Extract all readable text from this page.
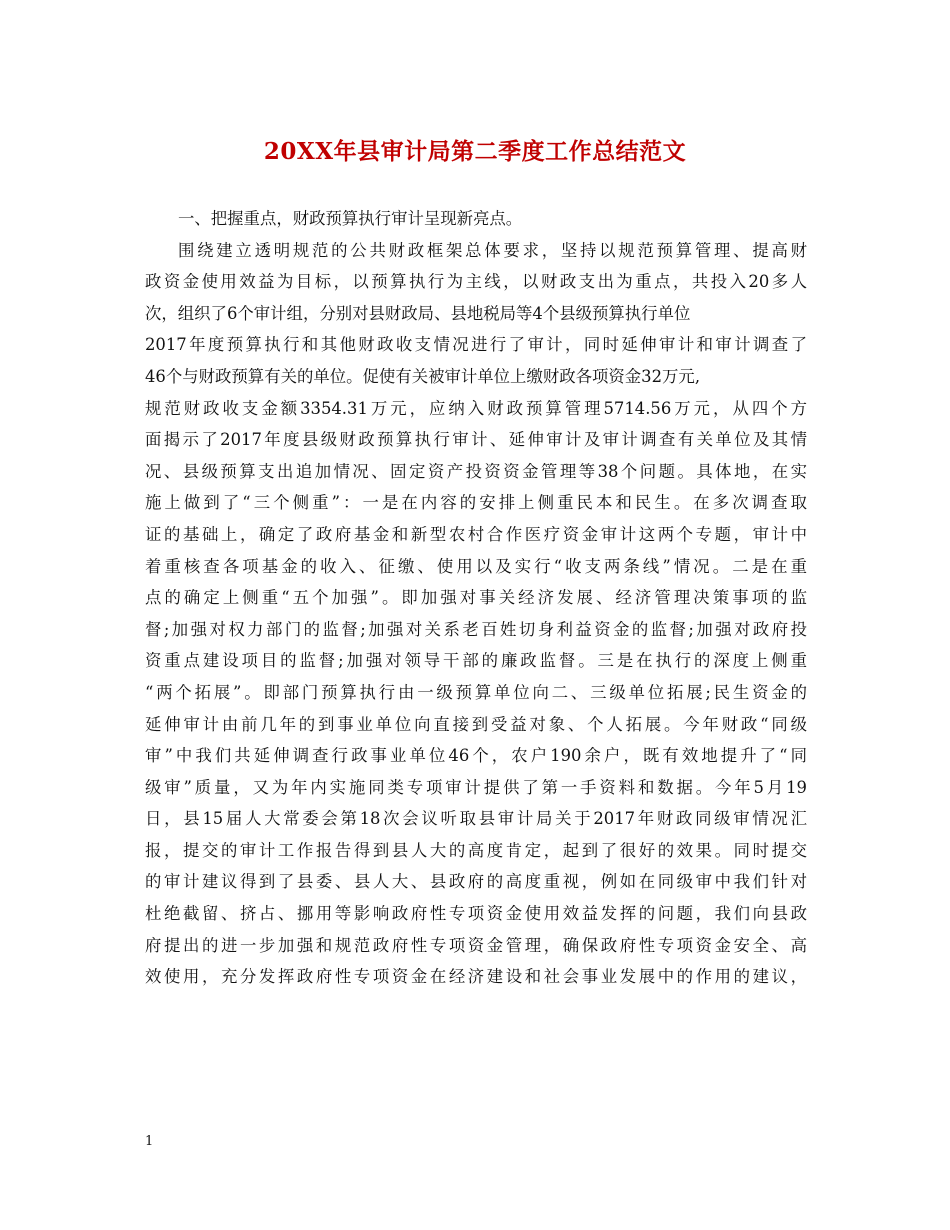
20XX年县审计局第二季度工作总结范文
一、把握重点，财政预算执行审计呈现新亮点。
围绕建立透明规范的公共财政框架总体要求，坚持以规范预算管理、提高财
政资金使用效益为目标，以预算执行为主线，以财政支出为重点，共投入20多人
次，组织了6个审计组，分别对县财政局、县地税局等4个县级预算执行单位
2017年度预算执行和其他财政收支情况进行了审计，同时延伸审计和审计调查了
46个与财政预算有关的单位。促使有关被审计单位上缴财政各项资金32万元,
规范财政收支金额3354.31万元，应纳入财政预算管理5714.56万元，从四个方
面揭示了2017年度县级财政预算执行审计、延伸审计及审计调查有关单位及其情
况、县级预算支出追加情况、固定资产投资资金管理等38个问题。具体地，在实
施上做到了“三个侧重”：一是在内容的安排上侧重民本和民生。在多次调查取
证的基础上，确定了政府基金和新型农村合作医疗资金审计这两个专题，审计中
着重核查各项基金的收入、征缴、使用以及实行“收支两条线”情况。二是在重
点的确定上侧重“五个加强”。即加强对事关经济发展、经济管理决策事项的监
督;加强对权力部门的监督;加强对关系老百姓切身利益资金的监督;加强对政府投
资重点建设项目的监督;加强对领导干部的廉政监督。三是在执行的深度上侧重
“两个拓展”。即部门预算执行由一级预算单位向二、三级单位拓展;民生资金的
延伸审计由前几年的到事业单位向直接到受益对象、个人拓展。今年财政“同级
审”中我们共延伸调查行政事业单位46个，农户190余户，既有效地提升了“同
级审”质量，又为年内实施同类专项审计提供了第一手资料和数据。今年5月19
日，县15届人大常委会第18次会议听取县审计局关于2017年财政同级审情况汇
报，提交的审计工作报告得到县人大的高度肯定，起到了很好的效果。同时提交
的审计建议得到了县委、县人大、县政府的高度重视，例如在同级审中我们针对
杜绝截留、挤占、挪用等影响政府性专项资金使用效益发挥的问题，我们向县政
府提出的进一步加强和规范政府性专项资金管理，确保政府性专项资金安全、高
效使用，充分发挥政府性专项资金在经济建设和社会事业发展中的作用的建议，
1
